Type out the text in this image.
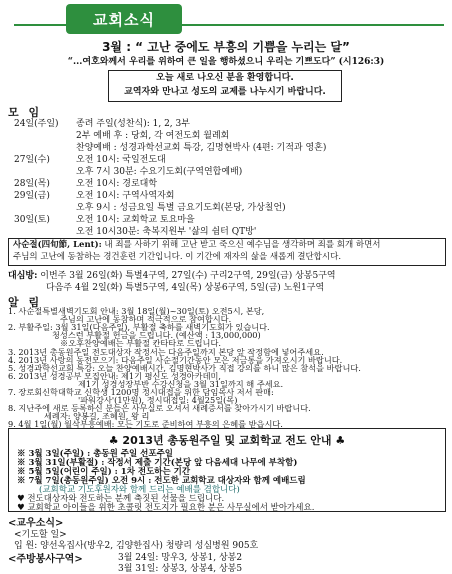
교회소식
3월 : “ 고난 중에도 부흥의 기쁨을 누리는 달”
“...여호와께서 우리를 위하여 큰 일을 행하셨으니 우리는 기쁘도다” (시126:3)
오늘 새로 나오신 분을 환영합니다.
교역자와 만나고 성도의 교제를 나누시기 바랍니다.
모 임
24일(주일) 종려 주일(성찬식): 1, 2, 3부
2부 예배 후 : 당회, 각 여전도회 월례회
찬양예배 : 성경과학선교회 특강, 김명현박사 (4편: 기적과 영혼)
27일(수)	오전 10시: 국일전도대
오후 7시 30분: 수요기도회(구역연합예배)
28일(목)	오전 10시: 경로대학
29일(금)	오전 10시: 구역사역자회
오후 9시 : 성금요일 특별 금요기도회(본당, 가상칠언)
30일(토)	오전 10시: 교회학교 토요마을
오전 10시30분: 축복지원부 '삶의 쉼터 QT방'
사순절(四旬節, Lent): 내 죄를 사하기 위해 고난 받고 죽으신 예수님을 생각하며 죄를 회개 하면서
주님의 고난에 동참하는 경건훈련 기간입니다. 이 기간에 재자의 삶을 새롭게 결단합시다.
대심방: 이번주 3월 26일(화) 특별4구역, 27일(수) 구리2구역, 29일(금) 상봉5구역
다음주 4월 2일(화) 특별5구역, 4일(목) 상봉6구역, 5일(금) 노원1구역
알 림
1. 사순절특별새벽기도회 안내: 3월 18일(월)~30일(토) 오전5시, 본당,
주님의 고난에 동참하며 적극적으로 참여합시다.
2. 부활주일: 3월 31일(다음주일), 부활절 축하를 새벽기도회가 있습니다.
청성스런 부활절 헌금을 드립니다. (예산액 : 13,000,000)
※오후찬양예배는 부활절 칸타타로 드립니다.
3. 2013년 총동원주일 전도대상자 작정서는 다음주일까지 본당 앞 작정함에 넣어주세요.
4. 2013년 사랑의 동전모으기: 다음주일 사순절기간동안 모은 저금통을 가져오시기 바랍니다.
5. 성경과학선교회 특강: 오늘 찬양예배시간, 김명현박사가 직접 강의를 하니 많은 참석을 바랍니다.
6. 2013년 성경공부 모집안내: 제1기 평신도 성경아카데미,
제1기 성경성장부반 수강신청을 3월 31일까지 해 주세요.
7. 장로회신학대학교 신학생 1200명 정시대접을 위한 담임목사 저서 판매:
'파워강사'(1만원), 정시대접일: 4월25일(목)
8. 지난주에 새로 등록하신 분들은 사무실로 오셔서 새례증서를 찾아가시기 바랍니다.
세례자: 양봉길, 조혜원, 왕 리
9. 4월 1일(월) 월삭부흥예배: 모든 기도로 준비하여 부흥의 은혜를 받읍시다.
♣ 2013년 총동원주일 및 교회학교 전도 안내 ♣
※ 3월 3일(주일) : 총동원 주일 선포주일
※ 3월 31일(부활절) : 작정서 제출 기간(본당 앞 다음세대 나무에 부착함)
※ 5월 5일(어린이 주일) : 1차 전도하는 기간
※ 7월 7일(총동원주일) 오전 9시 : 전도한 교회학교 대상자와 함께 예배드림
(교회학교 기도후원자와 함께 드리는 예배를 겸합니다)
♥ 전도대상자와 전도하는 분께 축짓된 선물을 드립니다.
♥ 교회학교 아이들을 위한 초콜릿 전도지가 필요한 분은 사무실에서 받아가세요.
<교우소식>
<기도할 일>
입 원: 양선옥집사(방우2, 김양한집사) 청량리 성심병원 905호
<주방봉사구역>	3월 24일: 망우3, 상봉1, 상봉2
3월 31일: 상봉3, 상봉4, 상봉5
